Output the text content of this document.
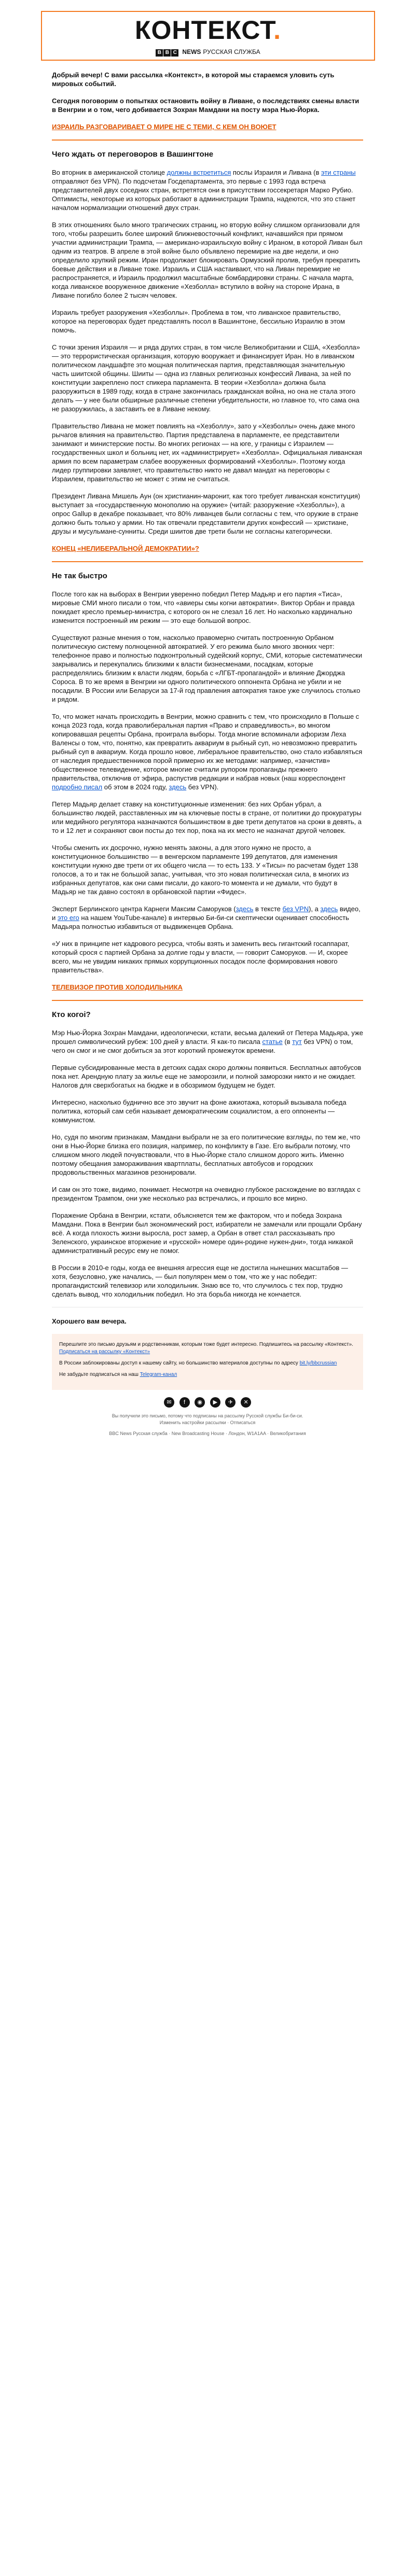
КОНТЕКСТ.
B B C NEWS РУССКАЯ СЛУЖБА

Добрый вечер! С вами рассылка «Контекст», в которой мы стараемся уловить суть мировых событий.

Сегодня поговорим о попытках остановить войну в Ливане, о последствиях смены власти в Венгрии и о том, чего добивается Зохран Мамдани на посту мэра Нью-Йорка.

ИЗРАИЛЬ РАЗГОВАРИВАЕТ О МИРЕ НЕ С ТЕМИ, С КЕМ ОН ВОЮЕТ
Чего ждать от переговоров в Вашингтоне

Во вторник в американской столице должны встретиться послы Израиля и Ливана (в эти страны отправляют без VPN). По подсчетам Госдепартамента, это первые с 1993 года встреча представителей двух соседних стран, встретятся они в присутствии госсекретаря Марко Рубио. Оптимисты, некоторые из которых работают в администрации Трампа, надеются, что это станет началом нормализации отношений двух стран.

В этих отношениях было много трагических страниц, но вторую войну слишком организовали для того, чтобы разрешить более широкий ближневосточный конфликт, начавшийся при прямом участии администрации Трампа, — американо-израильскую войну с Ираном, в которой Ливан был одним из театров. В апреле в этой войне было объявлено перемирие на две недели, и оно определило хрупкий режим. Иран продолжает блокировать Ормузский пролив, требуя прекратить боевые действия и в Ливане тоже. Израиль и США настаивают, что на Ливан перемирие не распространяется, и Израиль продолжил масштабные бомбардировки страны. С начала марта, когда ливанское вооруженное движение «Хезболла» вступило в войну на стороне Ирана, в Ливане погибло более 2 тысяч человек.

Израиль требует разоружения «Хезболлы». Проблема в том, что ливанское правительство, которое на переговорах будет представлять посол в Вашингтоне, бессильно Израилю в этом помочь.

С точки зрения Израиля — и ряда других стран, в том числе Великобритании и США, «Хезболла» — это террористическая организация, которую вооружает и финансирует Иран. Но в ливанском политическом ландшафте это мощная политическая партия, представляющая значительную часть шиитской общины. Шииты — одна из главных религиозных конфессий Ливана, за ней по конституции закреплено пост спикера парламента. В теории «Хезболла» должна была разоружиться в 1989 году, когда в стране закончилась гражданская война, но она не стала этого делать — у нее были обширные различные степени убедительности, но главное то, что сама она не разоружилась, а заставить ее в Ливане некому.

Правительство Ливана не может повлиять на «Хезболлу», зато у «Хезболлы» очень даже много рычагов влияния на правительство. Партия представлена в парламенте, ее представители занимают и министерские посты. Во многих регионах — на юге, у границы с Израилем — государственных школ и больниц нет, их «администрирует» «Хезболла». Официальная ливанская армия по всем параметрам слабее вооруженных формирований «Хезболлы». Поэтому когда лидер группировки заявляет, что правительство никто не давал мандат на переговоры с Израилем, правительство не может с этим не считаться.

Президент Ливана Мишель Аун (он христианин-маронит, как того требует ливанская конституция) выступает за «государственную монополию на оружие» (читай: разоружение «Хезболлы»), а опрос Gallup в декабре показывает, что 80% ливанцев были согласны с тем, что оружие в стране должно быть только у армии. Но так отвечали представители других конфессий — христиане, друзы и мусульмане-сунниты. Среди шиитов две трети были не согласны категорически.

КОНЕЦ «НЕЛИБЕРАЛЬНОЙ ДЕМОКРАТИИ»?
Не так быстро

После того как на выборах в Венгрии уверенно победил Петер Мадьяр и его партия «Тиса», мировые СМИ много писали о том, что «авиеры смы когни автократии». Виктор Орбан и правда покидает кресло премьер-министра, с которого он не слезал 16 лет. Но насколько кардинально изменится построенный им режим — это еще большой вопрос.

Существуют разные мнения о том, насколько правомерно считать построенную Орбаном политическую систему полноценной автократией. У его режима было много звонких черт: телефонное право и полностью подконтрольный судейский корпус, СМИ, которые систематически закрывались и перекупались близкими к власти бизнесменами, посадкам, которые распределялись близким к власти людям, борьба с «ЛГБТ-пропагандой» и влияние Джорджа Сороса. В то же время в Венгрии ни одного политического оппонента Орбана не убили и не посадили. В России или Беларуси за 17-й год правления автократия такое уже случилось столько и рядом.

То, что может начать происходить в Венгрии, можно сравнить с тем, что происходило в Польше с конца 2023 года, когда праволиберальная партия «Право и справедливость», во многом копировавшая рецепты Орбана, проиграла выборы. Тогда многие вспоминали афоризм Леха Валенсы о том, что, понятно, как превратить аквариум в рыбный суп, но невозможно превратить рыбный суп в аквариум. Когда прошло новое, либеральное правительство, оно стало избавляться от наследия предшественников порой примерно их же методами: например, «зачистив» общественное телевидение, которое многие считали рупором пропаганды прежнего правительства, отключив от эфира, распустив редакции и набрав новых (наш корреспондент подробно писал об этом в 2024 году, здесь без VPN).

Петер Мадьяр делает ставку на конституционные изменения: без них Орбан убрал, а большинство людей, расставленных им на ключевые посты в стране, от политики до прокуратуры или медийного регулятора назначаются большинством в две трети депутатов на сроки в девять, а то и 12 лет и сохраняют свои посты до тех пор, пока на их место не назначат другой человек.

Чтобы сменить их досрочно, нужно менять законы, а для этого нужно не просто, а конституционное большинство — в венгерском парламенте 199 депутатов, для изменения конституции нужно две трети от их общего числа — то есть 133. У «Тисы» по расчетам будет 138 голосов, а то и так не большой запас, учитывая, что это новая политическая сила, в многих из избранных депутатов, как они сами писали, до какого-то момента и не думали, что будут в Мадьяр не так давно состоял в орбановской партии «Фидес».

Эксперт Берлинского центра Карнеги Максим Самоpуков (здесь в тексте без VPN), а здесь видео, и это его на нашем YouTube-канале) в интервью Би-би-си скептически оценивает способность Мадьяра полностью избавиться от выдвиженцев Орбана.

«У них в принципе нет кадрового ресурса, чтобы взять и заменить весь гигантский госаппарат, который срося с партией Орбана за долгие годы у власти, — говорит Самоpуков. — И, скорее всего, мы не увидим никаких прямых коррупционных посадок после формирования нового правительства».

ТЕЛЕВИЗОР ПРОТИВ ХОЛОДИЛЬНИКА
Кто когоi?

Мэр Нью-Йорка Зохран Мамдани, идеологически, кстати, весьма далекий от Петера Мадьяра, уже прошел символический рубеж: 100 дней у власти. Я как-то писала статье (в тут без VPN) о том, чего он смог и не смог добиться за этот короткий промежуток времени.

Первые субсидированные места в детских садах скоро должны появиться. Бесплатных автобусов пока нет. Арендную плату за жилье еще не заморозили, и полной заморозки никто и не ожидает. Налогов для сверхбогатых на бюдже и в обозримом будущем не будет.

Интересно, насколько буднично все это звучит на фоне ажиотажа, который вызывала победа политика, который сам себя называет демократическим социалистом, а его оппоненты — коммунистом.

Но, судя по многим признакам, Мамдани выбрали не за его политические взгляды, по тем же, что они в Нью-Йорке близка его позиция, например, по конфликту в Газе. Его выбрали потому, что слишком много людей почувствовали, что в Нью-Йорке стало слишком дорого жить. Именно поэтому обещания замораживания квартплаты, бесплатных автобусов и городских продовольственных магазинов резонировали.

И сам он это тоже, видимо, понимает. Несмотря на очевидно глубокое расхождение во взглядах с президентом Трампом, они уже несколько раз встречались, и прошло все мирно.

Поражение Орбана в Венгрии, кстати, объясняется тем же фактором, что и победа Зохрана Мамдани. Пока в Венгрии был экономический рост, избиратели не замечали или прощали Орбану всё. А когда плохость жизни выросла, рост замер, а Орбан в ответ стал рассказывать про Зеленского, украинское вторжение и «русской» номере один-родине нужен-дни», тогда никакой административный ресурс ему не помог.

В России в 2010-е годы, когда ее внешняя агрессия еще не достигла нынешних масштабов — хотя, безусловно, уже начались, — был популярен мем о том, что же у нас победит: пропагандистский телевизор или холодильник. Знаю все то, что случилось с тех пор, трудно сделать вывод, что холодильник победил. Но эта борьба никогда не кончается.

Хорошего вам вечера.

Перешлите это письмо друзьям и родственникам, которым тоже будет интересно. Подпишитесь на рассылку «Контекст». Подписаться на рассылку «Контекст»

В России заблокированы доступ к нашему сайту, но большинство материалов доступны по адресу bit.ly/bbcrussian

Не забудьте подписаться на наш Telegram-канал

✉ f ◉ ▶ ✈ ✕
Вы получили это письмо, потому что подписаны на рассылку Русской службы Би-би-си.
Изменить настройки рассылки · Отписаться
BBC News Русская служба · New Broadcasting House · Лондон, W1A1AA · Великобритания
